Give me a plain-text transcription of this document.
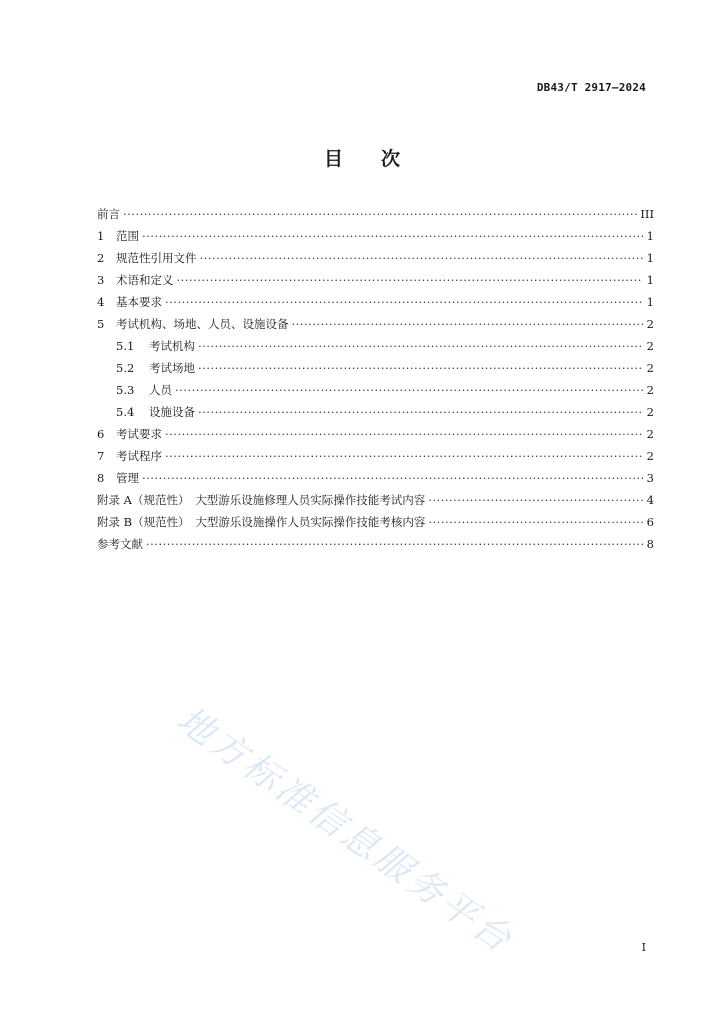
DB43/T 2917—2024
目 次
前言 ·····	III
1	范围 ·····	1
2	规范性引用文件 ·····	1
3	术语和定义 ·····	1
4	基本要求 ·····	1
5	考试机构、场地、人员、设施设备 ·····	2
5.1	考试机构 ·····	2
5.2	考试场地 ·····	2
5.3	人员 ·····	2
5.4	设施设备 ·····	2
6	考试要求 ·····	2
7	考试程序 ·····	2
8	管理 ·····	3
附录 A（规范性）　大型游乐设施修理人员实际操作技能考试内容 ·····	4
附录 B（规范性）　大型游乐设施操作人员实际操作技能考核内容 ·····	6
参考文献 ·····	8
地方标准信息服务平台	I
